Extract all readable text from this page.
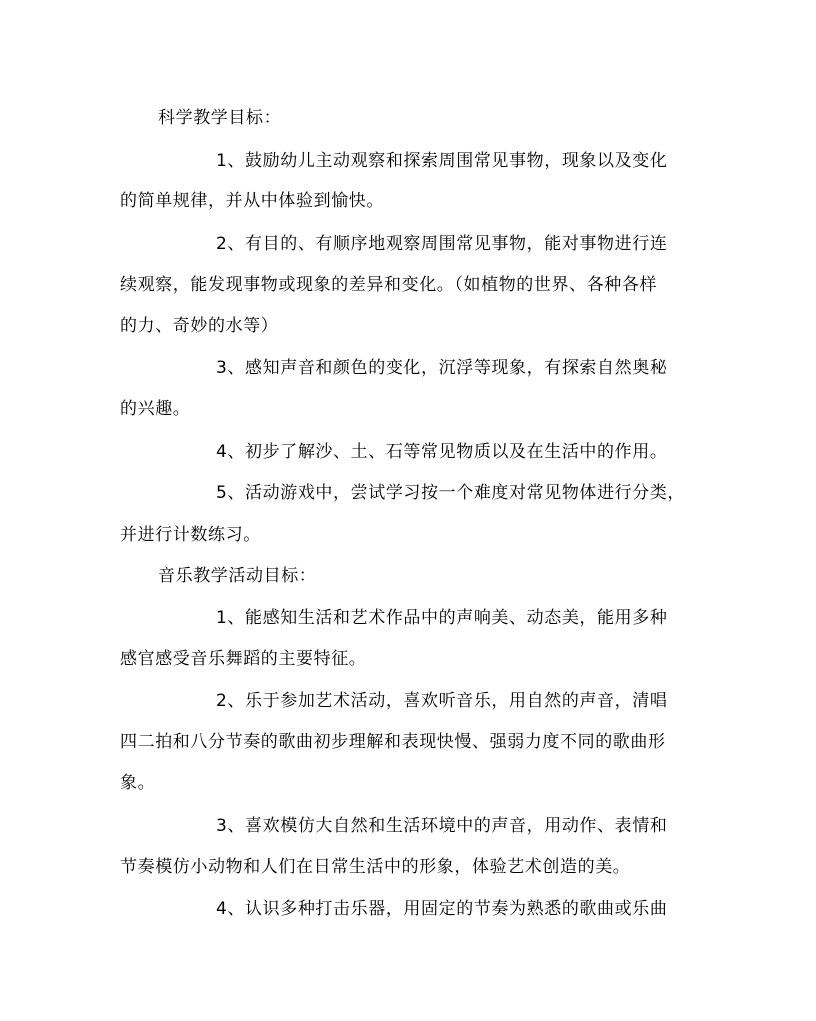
科学教学目标：
1、鼓励幼儿主动观察和探索周围常见事物，现象以及变化
的简单规律，并从中体验到愉快。
2、有目的、有顺序地观察周围常见事物，能对事物进行连
续观察，能发现事物或现象的差异和变化。（如植物的世界、各种各样
的力、奇妙的水等）
3、感知声音和颜色的变化，沉浮等现象，有探索自然奥秘
的兴趣。
4、初步了解沙、土、石等常见物质以及在生活中的作用。
5、活动游戏中，尝试学习按一个难度对常见物体进行分类，
并进行计数练习。
音乐教学活动目标：
1、能感知生活和艺术作品中的声响美、动态美，能用多种
感官感受音乐舞蹈的主要特征。
2、乐于参加艺术活动，喜欢听音乐，用自然的声音，清唱
四二拍和八分节奏的歌曲初步理解和表现快慢、强弱力度不同的歌曲形
象。
3、喜欢模仿大自然和生活环境中的声音，用动作、表情和
节奏模仿小动物和人们在日常生活中的形象，体验艺术创造的美。
4、认识多种打击乐器，用固定的节奏为熟悉的歌曲或乐曲
